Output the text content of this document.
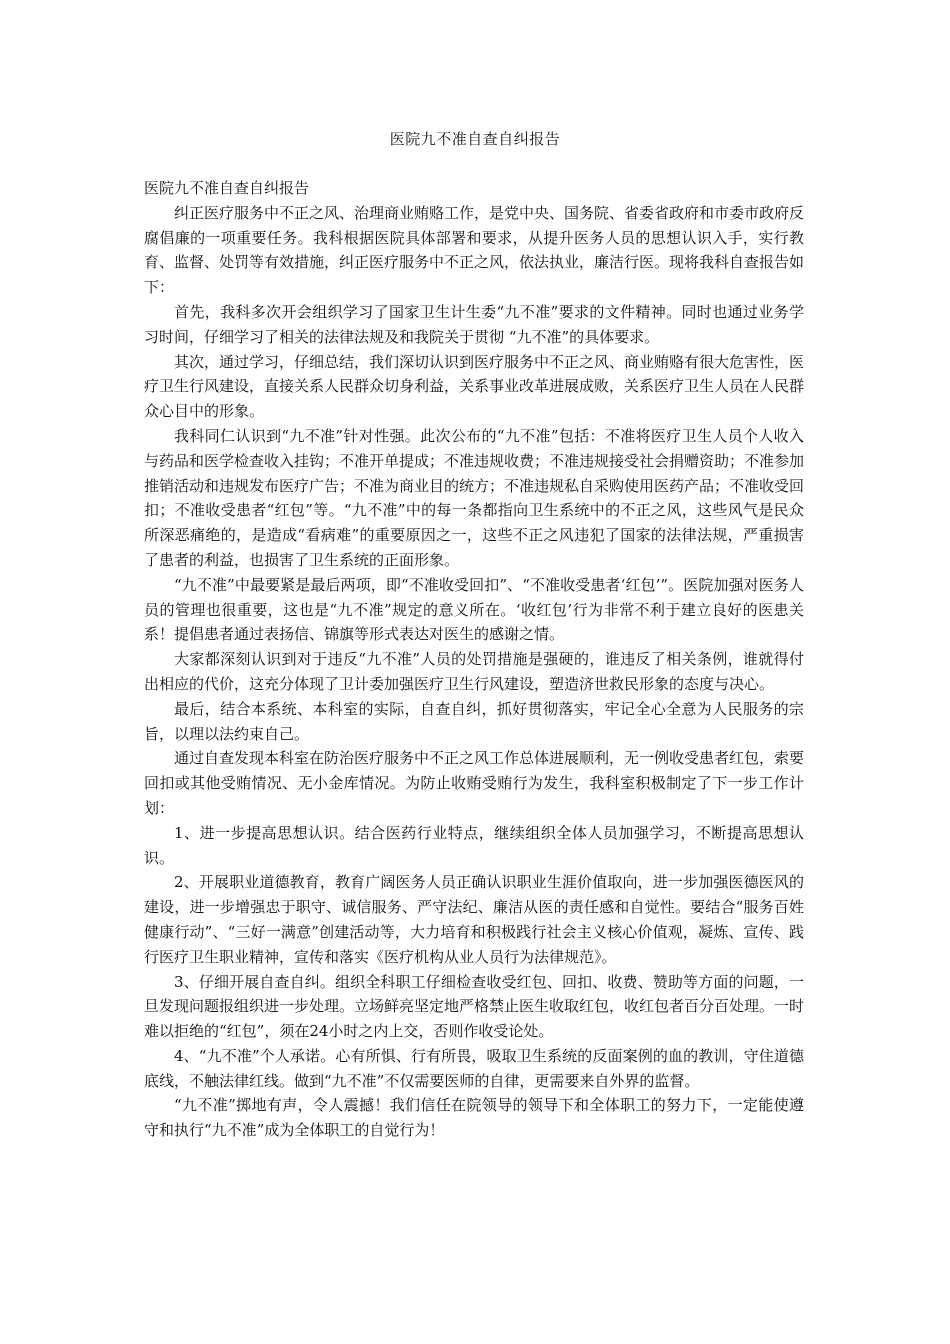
医院九不准自查自纠报告

医院九不准自查自纠报告

纠正医疗服务中不正之风、治理商业贿赂工作，是党中央、国务院、省委省政府和市委市政府反腐倡廉的一项重要任务。我科根据医院具体部署和要求，从提升医务人员的思想认识入手，实行教育、监督、处罚等有效措施，纠正医疗服务中不正之风，依法执业，廉洁行医。现将我科自查报告如下：

首先，我科多次开会组织学习了国家卫生计生委“九不准”要求的文件精神。同时也通过业务学习时间，仔细学习了相关的法律法规及和我院关于贯彻 “九不准”的具体要求。

其次，通过学习，仔细总结，我们深切认识到医疗服务中不正之风、商业贿赂有很大危害性，医疗卫生行风建设，直接关系人民群众切身利益，关系事业改革进展成败，关系医疗卫生人员在人民群众心目中的形象。

我科同仁认识到“九不准”针对性强。此次公布的“九不准”包括：不准将医疗卫生人员个人收入与药品和医学检查收入挂钩；不准开单提成；不准违规收费；不准违规接受社会捐赠资助；不准参加推销活动和违规发布医疗广告；不准为商业目的统方；不准违规私自采购使用医药产品；不准收受回扣；不准收受患者“红包”等。“九不准”中的每一条都指向卫生系统中的不正之风，这些风气是民众所深恶痛绝的，是造成“看病难”的重要原因之一，这些不正之风违犯了国家的法律法规，严重损害了患者的利益，也损害了卫生系统的正面形象。

“九不准”中最要紧是最后两项，即“不准收受回扣”、“不准收受患者‘红包’”。医院加强对医务人员的管理也很重要，这也是“九不准”规定的意义所在。‘收红包’行为非常不利于建立良好的医患关系！提倡患者通过表扬信、锦旗等形式表达对医生的感谢之情。

大家都深刻认识到对于违反“九不准”人员的处罚措施是强硬的，谁违反了相关条例，谁就得付出相应的代价，这充分体现了卫计委加强医疗卫生行风建设，塑造济世救民形象的态度与决心。

最后，结合本系统、本科室的实际，自查自纠，抓好贯彻落实，牢记全心全意为人民服务的宗旨，以理以法约束自己。

通过自查发现本科室在防治医疗服务中不正之风工作总体进展顺利，无一例收受患者红包，索要回扣或其他受贿情况、无小金库情况。为防止收贿受贿行为发生，我科室积极制定了下一步工作计划：

1、进一步提高思想认识。结合医药行业特点，继续组织全体人员加强学习，不断提高思想认识。

2、开展职业道德教育，教育广阔医务人员正确认识职业生涯价值取向，进一步加强医德医风的建设，进一步增强忠于职守、诚信服务、严守法纪、廉洁从医的责任感和自觉性。要结合“服务百姓健康行动”、“三好一满意”创建活动等，大力培育和积极践行社会主义核心价值观，凝炼、宣传、践行医疗卫生职业精神，宣传和落实《医疗机构从业人员行为法律规范》。

3、仔细开展自查自纠。组织全科职工仔细检查收受红包、回扣、收费、赞助等方面的问题，一旦发现问题报组织进一步处理。立场鲜亮坚定地严格禁止医生收取红包，收红包者百分百处理。一时难以拒绝的“红包”，须在24小时之内上交，否则作收受论处。

4、“九不准”个人承诺。心有所惧、行有所畏，吸取卫生系统的反面案例的血的教训，守住道德底线，不触法律红线。做到“九不准”不仅需要医师的自律，更需要来自外界的监督。

“九不准”掷地有声，令人震撼！我们信任在院领导的领导下和全体职工的努力下，一定能使遵守和执行“九不准”成为全体职工的自觉行为！
